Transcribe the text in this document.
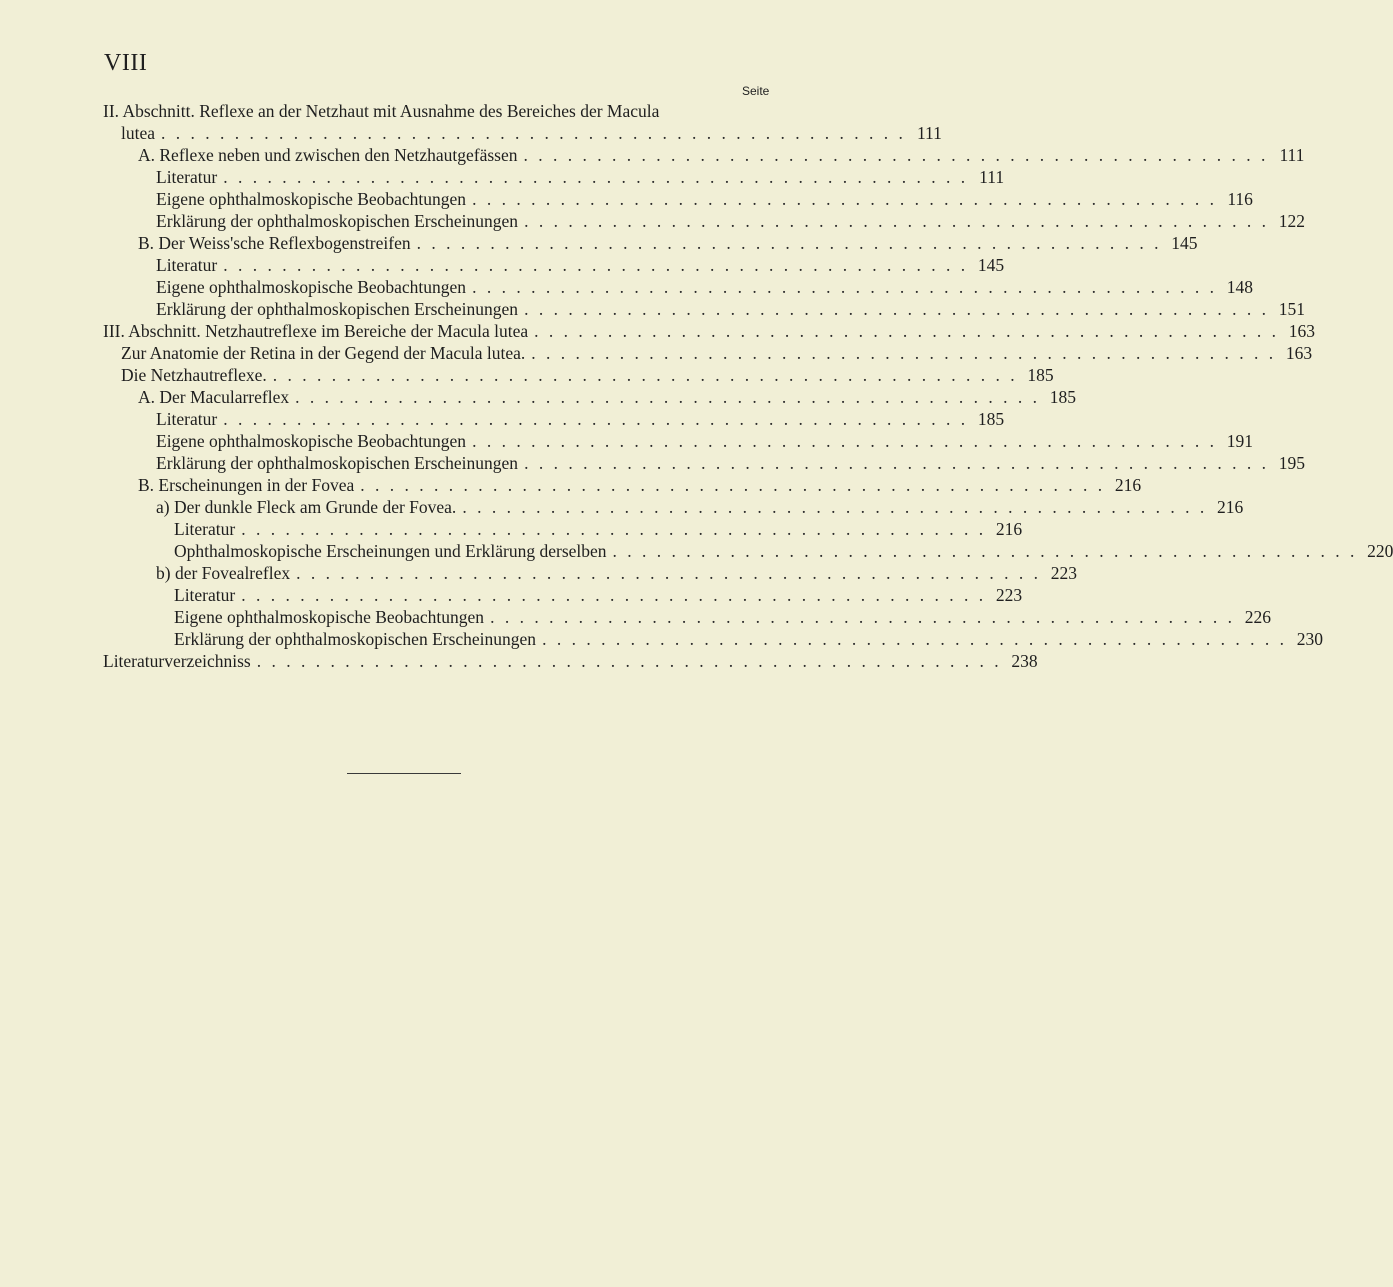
VIII
Seite
II. Abschnitt. Reflexe an der Netzhaut mit Ausnahme des Bereiches der Macula
lutea . . . . . . . . . . . . . . . . . . . . . . . . . . . . . . . . . . . . . . . . . . . . . . . . . . . 111
A. Reflexe neben und zwischen den Netzhautgefässen . . . . . . . . . . . . . . . . . . . . . . . . . . . . . . . . . . . . . . . . . . . . . . . . . . . 111
Literatur . . . . . . . . . . . . . . . . . . . . . . . . . . . . . . . . . . . . . . . . . . . . . . . . . . . 111
Eigene ophthalmoskopische Beobachtungen . . . . . . . . . . . . . . . . . . . . . . . . . . . . . . . . . . . . . . . . . . . . . . . . . . . 116
Erklärung der ophthalmoskopischen Erscheinungen . . . . . . . . . . . . . . . . . . . . . . . . . . . . . . . . . . . . . . . . . . . . . . . . . . . 122
B. Der Weiss'sche Reflexbogenstreifen . . . . . . . . . . . . . . . . . . . . . . . . . . . . . . . . . . . . . . . . . . . . . . . . . . . 145
Literatur . . . . . . . . . . . . . . . . . . . . . . . . . . . . . . . . . . . . . . . . . . . . . . . . . . . 145
Eigene ophthalmoskopische Beobachtungen . . . . . . . . . . . . . . . . . . . . . . . . . . . . . . . . . . . . . . . . . . . . . . . . . . . 148
Erklärung der ophthalmoskopischen Erscheinungen . . . . . . . . . . . . . . . . . . . . . . . . . . . . . . . . . . . . . . . . . . . . . . . . . . . 151
III. Abschnitt. Netzhautreflexe im Bereiche der Macula lutea . . . . . . . . . . . . . . . . . . . . . . . . . . . . . . . . . . . . . . . . . . . . . . . . . . . 163
Zur Anatomie der Retina in der Gegend der Macula lutea. . . . . . . . . . . . . . . . . . . . . . . . . . . . . . . . . . . . . . . . . . . . . . . . . . . . 163
Die Netzhautreflexe. . . . . . . . . . . . . . . . . . . . . . . . . . . . . . . . . . . . . . . . . . . . . . . . . . . . 185
A. Der Macularreflex . . . . . . . . . . . . . . . . . . . . . . . . . . . . . . . . . . . . . . . . . . . . . . . . . . . 185
Literatur . . . . . . . . . . . . . . . . . . . . . . . . . . . . . . . . . . . . . . . . . . . . . . . . . . . 185
Eigene ophthalmoskopische Beobachtungen . . . . . . . . . . . . . . . . . . . . . . . . . . . . . . . . . . . . . . . . . . . . . . . . . . . 191
Erklärung der ophthalmoskopischen Erscheinungen . . . . . . . . . . . . . . . . . . . . . . . . . . . . . . . . . . . . . . . . . . . . . . . . . . . 195
B. Erscheinungen in der Fovea . . . . . . . . . . . . . . . . . . . . . . . . . . . . . . . . . . . . . . . . . . . . . . . . . . . 216
a) Der dunkle Fleck am Grunde der Fovea. . . . . . . . . . . . . . . . . . . . . . . . . . . . . . . . . . . . . . . . . . . . . . . . . . . . 216
Literatur . . . . . . . . . . . . . . . . . . . . . . . . . . . . . . . . . . . . . . . . . . . . . . . . . . . 216
Ophthalmoskopische Erscheinungen und Erklärung derselben . . . . . . . . . . . . . . . . . . . . . . . . . . . . . . . . . . . . . . . . . . . . . . . . . . . 220
b) der Fovealreflex . . . . . . . . . . . . . . . . . . . . . . . . . . . . . . . . . . . . . . . . . . . . . . . . . . . 223
Literatur . . . . . . . . . . . . . . . . . . . . . . . . . . . . . . . . . . . . . . . . . . . . . . . . . . . 223
Eigene ophthalmoskopische Beobachtungen . . . . . . . . . . . . . . . . . . . . . . . . . . . . . . . . . . . . . . . . . . . . . . . . . . . 226
Erklärung der ophthalmoskopischen Erscheinungen . . . . . . . . . . . . . . . . . . . . . . . . . . . . . . . . . . . . . . . . . . . . . . . . . . . 230
Literaturverzeichniss . . . . . . . . . . . . . . . . . . . . . . . . . . . . . . . . . . . . . . . . . . . . . . . . . . . 238
